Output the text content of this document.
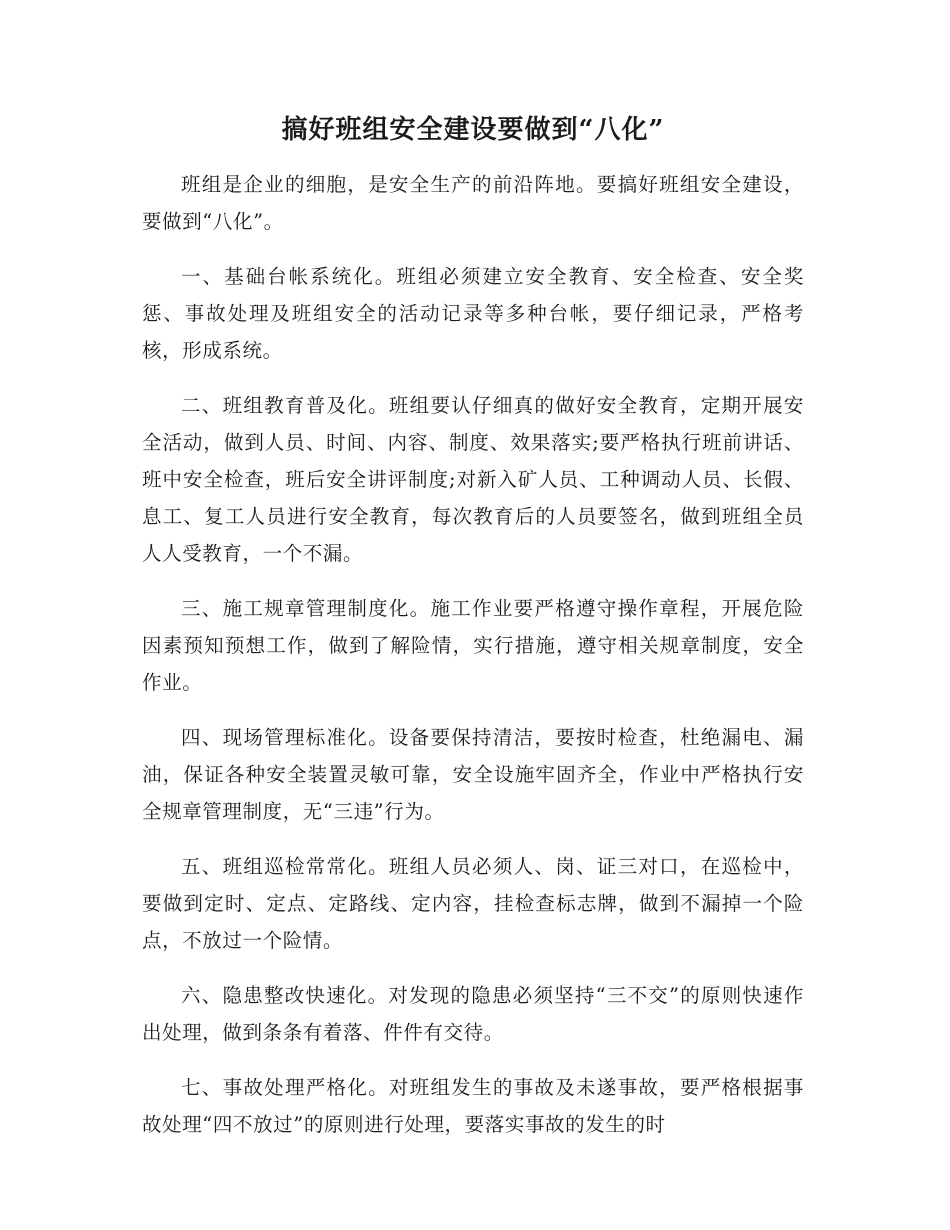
搞好班组安全建设要做到“八化”

班组是企业的细胞，是安全生产的前沿阵地。要搞好班组安全建设，要做到“八化”。

一、基础台帐系统化。班组必须建立安全教育、安全检查、安全奖惩、事故处理及班组安全的活动记录等多种台帐，要仔细记录，严格考核，形成系统。

二、班组教育普及化。班组要认仔细真的做好安全教育，定期开展安全活动，做到人员、时间、内容、制度、效果落实;要严格执行班前讲话、班中安全检查，班后安全讲评制度;对新入矿人员、工种调动人员、长假、息工、复工人员进行安全教育，每次教育后的人员要签名，做到班组全员人人受教育，一个不漏。

三、施工规章管理制度化。施工作业要严格遵守操作章程，开展危险因素预知预想工作，做到了解险情，实行措施，遵守相关规章制度，安全作业。

四、现场管理标准化。设备要保持清洁，要按时检查，杜绝漏电、漏油，保证各种安全装置灵敏可靠，安全设施牢固齐全，作业中严格执行安全规章管理制度，无“三违”行为。

五、班组巡检常常化。班组人员必须人、岗、证三对口，在巡检中，要做到定时、定点、定路线、定内容，挂检查标志牌，做到不漏掉一个险点，不放过一个险情。

六、隐患整改快速化。对发现的隐患必须坚持“三不交”的原则快速作出处理，做到条条有着落、件件有交待。

七、事故处理严格化。对班组发生的事故及未遂事故，要严格根据事故处理“四不放过”的原则进行处理，要落实事故的发生的时
